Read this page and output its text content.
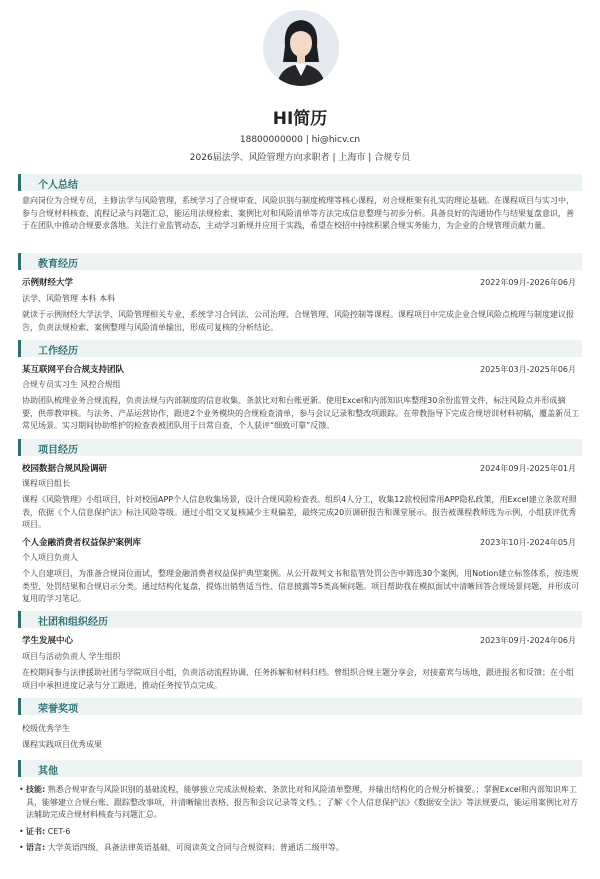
HI简历
18800000000 | hi@hicv.cn
2026届法学、风险管理方向求职者 | 上海市 | 合规专员
个人总结
意向岗位为合规专员，主修法学与风险管理，系统学习了合规审查、风险识别与制度梳理等核心课程，对合规框架有扎实的理论基础。在课程项目与实习中，参与合规材料核查、流程记录与问题汇总，能运用法规检索、案例比对和风险清单等方法完成信息整理与初步分析。具备良好的沟通协作与结果复盘意识，善于在团队中推动合规要求落地。关注行业监管动态，主动学习新规并应用于实践，希望在校招中持续积累合规实务能力，为企业的合规管理贡献力量。
教育经历
示例财经大学	2022年09月-2026年06月
法学、风险管理 本科 本科
就读于示例财经大学法学、风险管理相关专业，系统学习合同法、公司治理、合规管理、风险控制等课程。课程项目中完成企业合规风险点梳理与制度建议报告，负责法规检索、案例整理与风险清单输出，形成可复核的分析结论。
工作经历
某互联网平台合规支持团队	2025年03月-2025年06月
合规专员实习生 风控合规组
协助团队梳理业务合规流程，负责法规与内部制度的信息收集、条款比对和台账更新。使用Excel和内部知识库整理30余份监管文件，标注风险点并形成摘要，供带教审核。与法务、产品运营协作，跟进2个业务模块的合规检查清单，参与会议记录和整改项跟踪。在带教指导下完成合规培训材料初稿，覆盖新员工常见场景。实习期间协助维护的检查表被团队用于日常自查，个人获评“细致可靠”反馈。
项目经历
校园数据合规风险调研	2024年09月-2025年01月
课程项目组长
课程《风险管理》小组项目，针对校园APP个人信息收集场景，设计合规风险检查表。组织4人分工，收集12款校园常用APP隐私政策，用Excel建立条款对照表，依据《个人信息保护法》标注风险等级。通过小组交叉复核减少主观偏差，最终完成20页调研报告和课堂展示。报告被课程教师选为示例，小组获评优秀项目。
个人金融消费者权益保护案例库	2023年10月-2024年05月
个人项目负责人
个人自建项目，为准备合规岗位面试，整理金融消费者权益保护典型案例。从公开裁判文书和监管处罚公告中筛选30个案例，用Notion建立标签体系，按违规类型、处罚结果和合规启示分类。通过结构化复盘，提炼出销售适当性、信息披露等5类高频问题。项目帮助我在模拟面试中清晰回答合规场景问题，并形成可复用的学习笔记。
社团和组织经历
学生发展中心	2023年09月-2024年06月
项目与活动负责人 学生组织
在校期间参与法律援助社团与学院项目小组，负责活动流程协调、任务拆解和材料归档。曾组织合规主题分享会，对接嘉宾与场地，跟进报名和反馈；在小组项目中承担进度记录与分工跟进，推动任务按节点完成。
荣誉奖项
校级优秀学生
课程实践项目优秀成果
其他
• 技能: 熟悉合规审查与风险识别的基础流程，能够独立完成法规检索、条款比对和风险清单整理，并输出结构化的合规分析摘要。；掌握Excel和内部知识库工具，能够建立合规台账、跟踪整改事项，并清晰输出表格、报告和会议记录等文档。；了解《个人信息保护法》《数据安全法》等法规要点，能运用案例比对方法辅助完成合规材料核查与问题汇总。
• 证书: CET-6
• 语言: 大学英语四级，具备法律英语基础，可阅读英文合同与合规资料；普通话二级甲等。
